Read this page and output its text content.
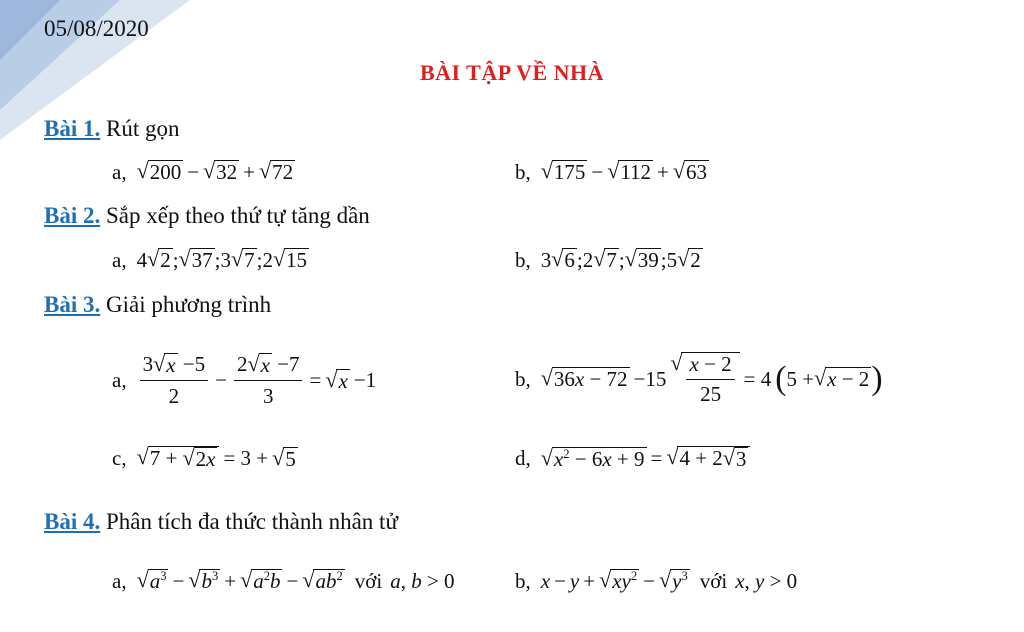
05/08/2020
BÀI TẬP VỀ NHÀ
Bài 1. Rút gọn
a, √ 200 − √ 32 + √ 72	b, √ 175 − √ 112 + √ 63
Bài 2. Sắp xếp theo thứ tự tăng dần
a, 4 √ 2 ; √ 37 ; 3 √ 7 ; 2 √ 15	b, 3 √ 6 ; 2 √ 7 ; √ 39 ; 5 √ 2
Bài 3. Giải phương trình
a, $\frac{3 √ x -5}{2} - \frac{2 √ x -7}{3}$ = √ x −1	b, √ 36x − 72 −15
√ $\frac{x - 2}{25} = 4$ ( 5 + √ x − 2 )
c, √ 7 + √ 2x = 3 + √ 5	d, √ $x^2 - 6x + 9$ = √ 4 + 2 √ 3
Bài 4. Phân tích đa thức thành nhân tử
a, √ $a^3$ − √ $b^3$ + √ $a^2b$ − √ $ab^2$ với a, b > 0	b, x − y + √ $xy^2$ − √ $y^3$ với x, y > 0
